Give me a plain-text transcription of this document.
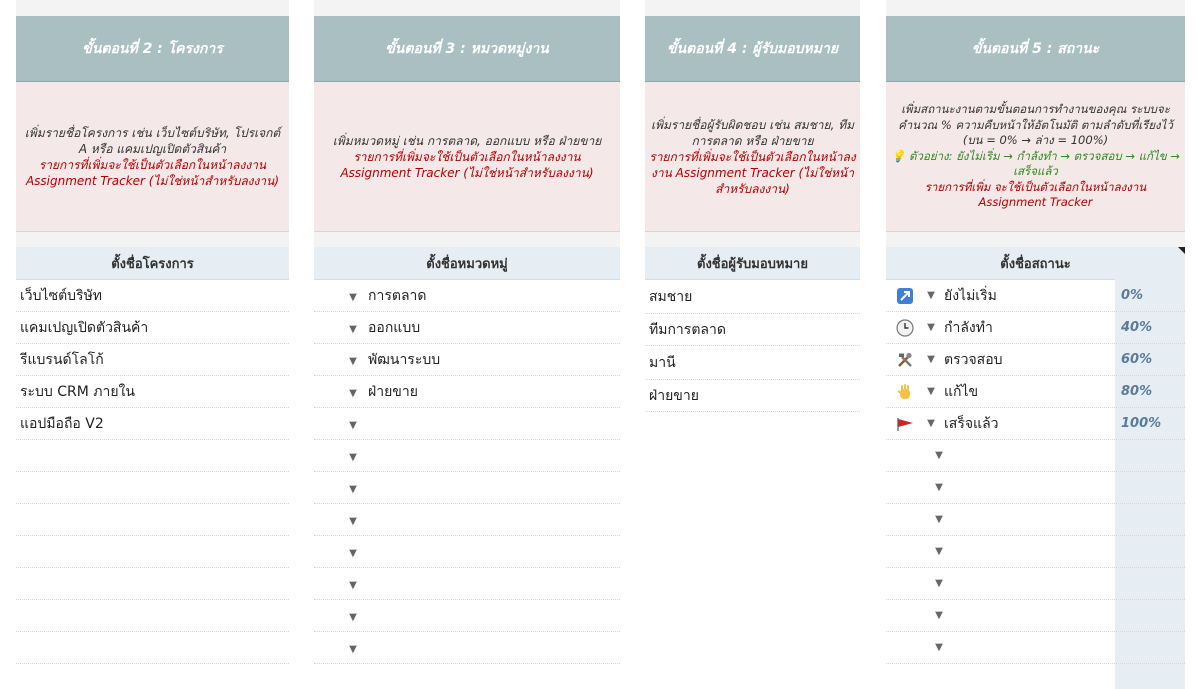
ขั้นตอนที่ 2 : โครงการ
เพิ่มรายชื่อโครงการ เช่น เว็บไซต์บริษัท, โปรเจกต์ A หรือ แคมเปญเปิดตัวสินค้า
รายการที่เพิ่มจะใช้เป็นตัวเลือกในหน้าลงงาน Assignment Tracker (ไม่ใช่หน้าสำหรับลงงาน)
ตั้งชื่อโครงการ
เว็บไซต์บริษัท
แคมเปญเปิดตัวสินค้า
รีแบรนด์โลโก้
ระบบ CRM ภายใน
แอปมือถือ V2
ขั้นตอนที่ 3 : หมวดหมู่งาน
เพิ่มหมวดหมู่ เช่น การตลาด, ออกแบบ หรือ ฝ่ายขาย
รายการที่เพิ่มจะใช้เป็นตัวเลือกในหน้าลงงาน Assignment Tracker (ไม่ใช่หน้าสำหรับลงงาน)
ตั้งชื่อหมวดหมู่
▼ การตลาด
▼ ออกแบบ
▼ พัฒนาระบบ
▼ ฝ่ายขาย
▼
▼
▼
▼
▼
▼
▼
▼
ขั้นตอนที่ 4 : ผู้รับมอบหมาย
เพิ่มรายชื่อผู้รับผิดชอบ เช่น สมชาย, ทีมการตลาด หรือ ฝ่ายขาย
รายการที่เพิ่มจะใช้เป็นตัวเลือกในหน้าลงงาน Assignment Tracker (ไม่ใช่หน้าสำหรับลงงาน)
ตั้งชื่อผู้รับมอบหมาย
สมชาย
ทีมการตลาด
มานี
ฝ่ายขาย
ขั้นตอนที่ 5 : สถานะ
เพิ่มสถานะงานตามขั้นตอนการทำงานของคุณ ระบบจะคำนวณ % ความคืบหน้าให้อัตโนมัติ ตามลำดับที่เรียงไว้ (บน = 0% → ล่าง = 100%)
💡 ตัวอย่าง: ยังไม่เริ่ม → กำลังทำ → ตรวจสอบ → แก้ไข → เสร็จแล้ว
รายการที่เพิ่ม จะใช้เป็นตัวเลือกในหน้าลงงาน Assignment Tracker
ตั้งชื่อสถานะ
▼ ยังไม่เริ่ม	0%
▼ กำลังทำ	40%
▼ ตรวจสอบ	60%
▼ แก้ไข	80%
▼ เสร็จแล้ว	100%
▼
▼
▼
▼
▼
▼
▼
